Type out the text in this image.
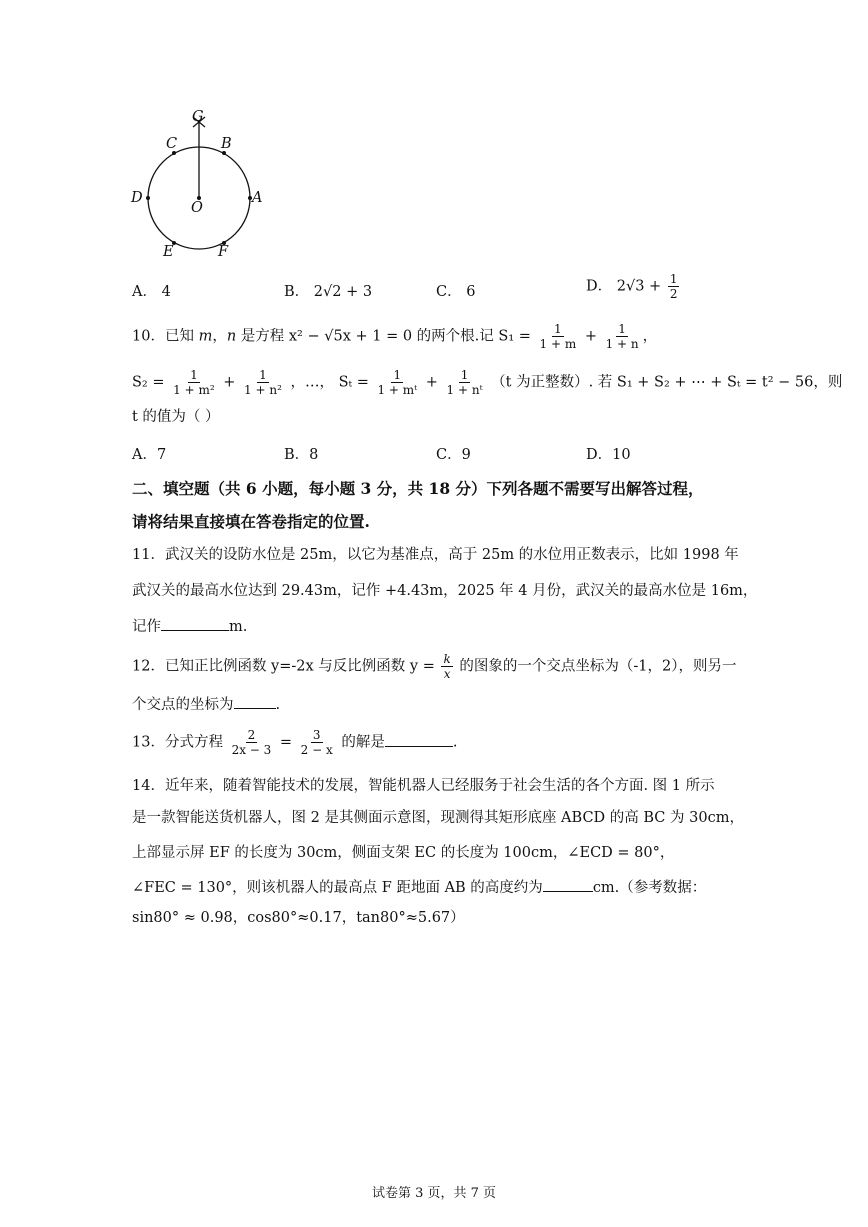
G
C	B
D
O
A
E	F
A． 4	B． 2√2 + 3	C． 6	D． $2√3 + \frac{1}{2}$
10．已知 m，n 是方程 x² − √5x + 1 = 0 的两个根.记 $S_1 = \frac{1}{1 + m} + \frac{1}{1 + n}$ ，
$S_2 = \frac{1}{\text{1 + m²}} + \frac{1}{\text{1 + n²}}$ ，…， $S_t = \frac{1}{\text{1 + mᵗ}} + \frac{1}{\text{1 + nᵗ}} (t$ 为正整数）. 若 S₁ + S₂ + ⋯ + Sₜ = t² − 56，则
t 的值为（ ）
A．7	B．8	C．9	D．10
二、填空题（共 6 小题，每小题 3 分，共 18 分）下列各题不需要写出解答过程，
请将结果直接填在答卷指定的位置.
11．武汉关的设防水位是 25m，以它为基准点，高于 25m 的水位用正数表示，比如 1998 年
武汉关的最高水位达到 29.43m，记作 +4.43m，2025 年 4 月份，武汉关的最高水位是 16m，
记作	m.
12．已知正比例函数 y=-2x 与反比例函数 $y = \frac{k}{x}$ 的图象的一个交点坐标为（-1，2），则另一
个交点的坐标为	.
13．分式方程 $\frac{2}{2x - 3} = \frac{3}{2 - x}$ 的解是	.
14．近年来，随着智能技术的发展，智能机器人已经服务于社会生活的各个方面. 图 1 所示
是一款智能送货机器人，图 2 是其侧面示意图，现测得其矩形底座 ABCD 的高 BC 为 30cm，
上部显示屏 EF 的长度为 30cm，侧面支架 EC 的长度为 100cm，∠ECD = 80°，
∠FEC = 130°，则该机器人的最高点 F 距地面 AB 的高度约为	cm.（参考数据：
sin80° ≈ 0.98，cos80°≈0.17，tan80°≈5.67）
试卷第 3 页，共 7 页
